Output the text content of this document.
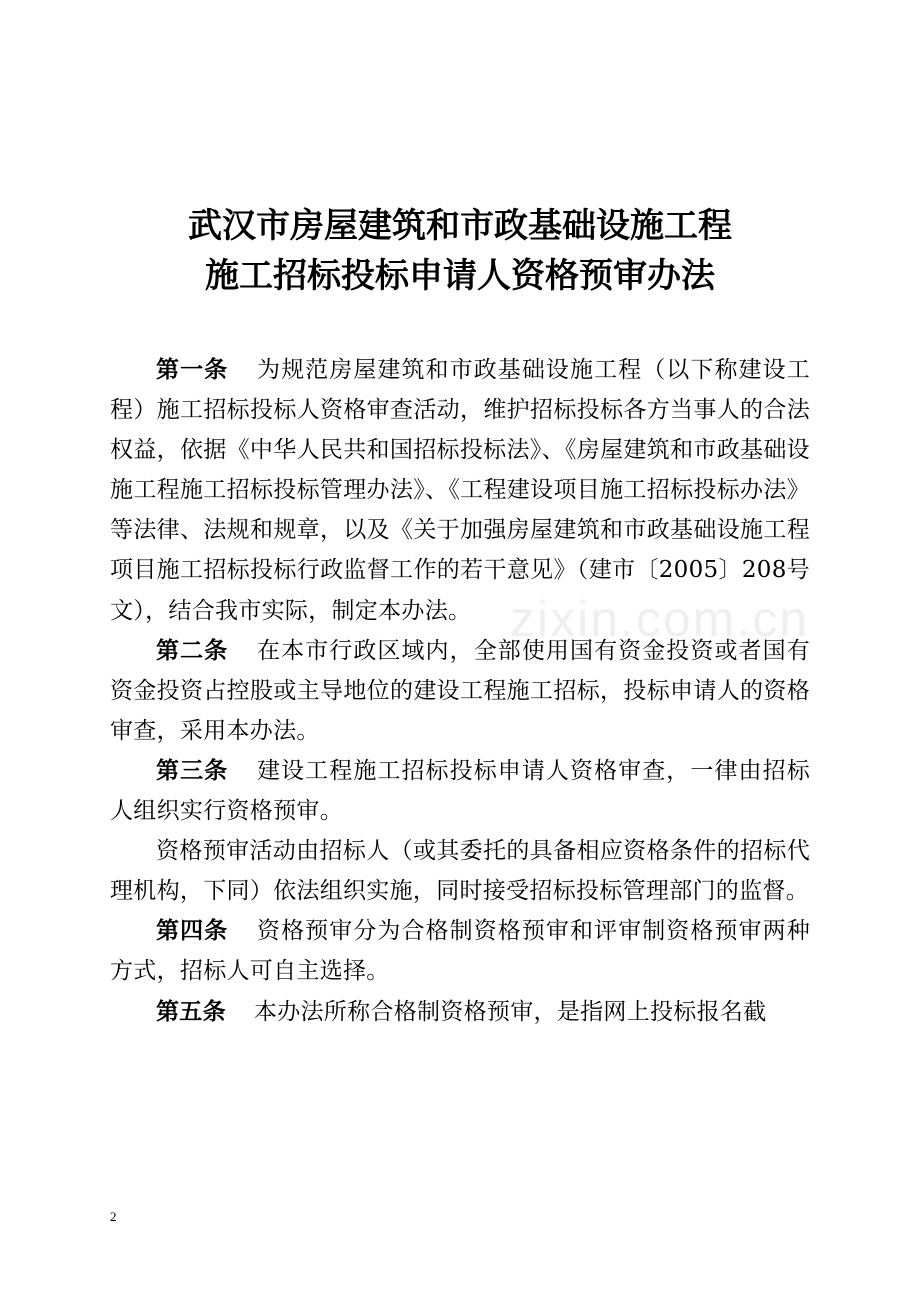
武汉市房屋建筑和市政基础设施工程
施工招标投标申请人资格预审办法

第一条 为规范房屋建筑和市政基础设施工程（以下称建设工程）施工招标投标人资格审查活动，维护招标投标各方当事人的合法权益，依据《中华人民共和国招标投标法》、《房屋建筑和市政基础设施工程施工招标投标管理办法》、《工程建设项目施工招标投标办法》等法律、法规和规章，以及《关于加强房屋建筑和市政基础设施工程项目施工招标投标行政监督工作的若干意见》（建市〔2005〕208号文），结合我市实际，制定本办法。

第二条 在本市行政区域内，全部使用国有资金投资或者国有资金投资占控股或主导地位的建设工程施工招标，投标申请人的资格审查，采用本办法。

第三条 建设工程施工招标投标申请人资格审查，一律由招标人组织实行资格预审。

资格预审活动由招标人（或其委托的具备相应资格条件的招标代理机构，下同）依法组织实施，同时接受招标投标管理部门的监督。

第四条 资格预审分为合格制资格预审和评审制资格预审两种方式，招标人可自主选择。

第五条 本办法所称合格制资格预审，是指网上投标报名截

zixin.com.cn
2
